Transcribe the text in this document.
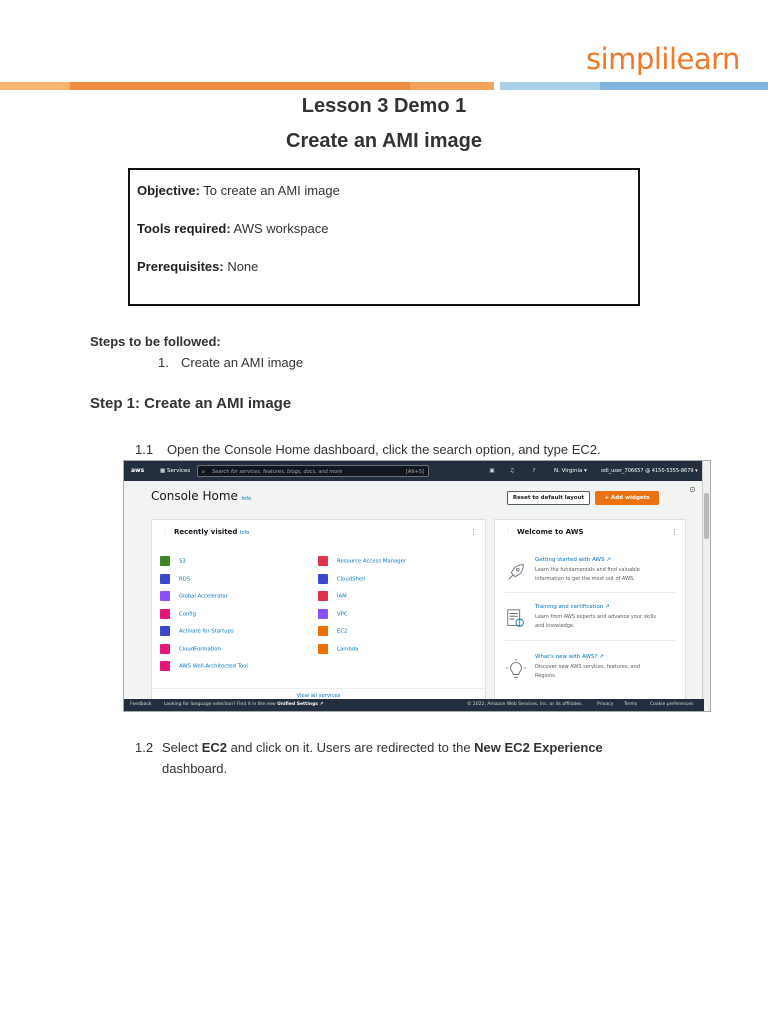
simplilearn
Lesson 3 Demo 1
Create an AMI image
Objective: To create an AMI image
Tools required: AWS workspace
Prerequisites: None
Steps to be followed:
1. Create an AMI image
Step 1: Create an AMI image
1.1 Open the Console Home dashboard, click the search option, and type EC2.
aws	▦ Services ⌕ Search for services, features, blogs, docs, and more	[Alt+S]	▣	♫	?	N. Virginia ▾	odl_user_706657 @ 4150-5355-8679 ▾
Console Home Info	Reset to default layout	+ Add widgets
⊙
⋮ Recently visited Info	⋮
S3
RDS
Global Accelerator
Config
Activate for Startups
CloudFormation
AWS Well-Architected Tool
Resource Access Manager
CloudShell
IAM
VPC
EC2
Lambda
View all services
⋮ Welcome to AWS	⋮
Getting started with AWS ↗
Learn the fundamentals and find valuable information to get the most out of AWS.
Training and certification ↗
Learn from AWS experts and advance your skills and knowledge.
What's new with AWS? ↗
Discover new AWS services, features, and Regions.
Feedback	Looking for language selection? Find it in the new Unified Settings ↗	© 2022, Amazon Web Services, Inc. or its affiliates.	Privacy Terms	Cookie preferences
1.2 Select EC2 and click on it. Users are redirected to the New EC2 Experience
dashboard.
